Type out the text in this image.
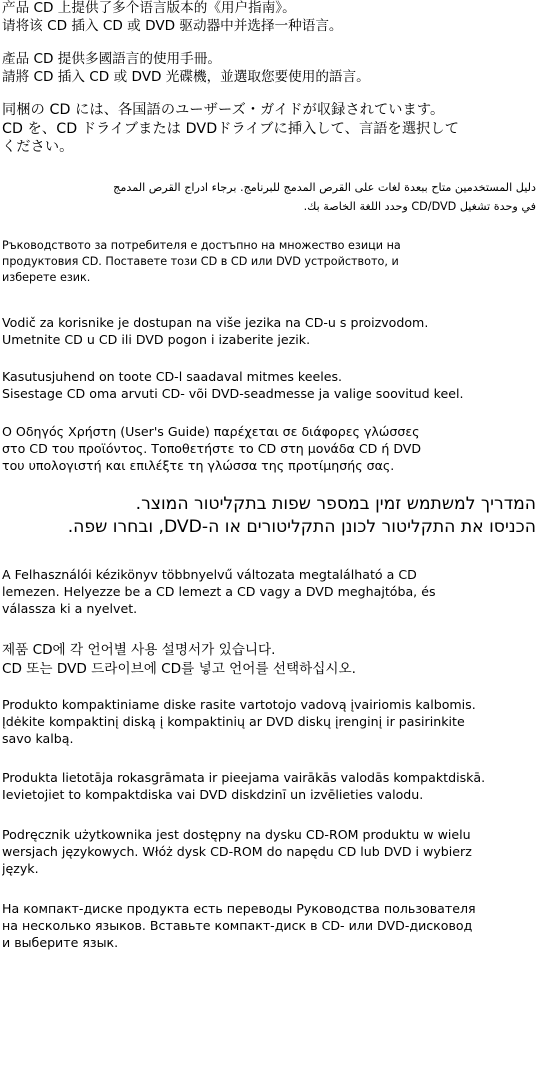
产品 CD 上提供了多个语言版本的《用户指南》。
请将该 CD 插入 CD 或 DVD 驱动器中并选择一种语言。
產品 CD 提供多國語言的使用手冊。
請將 CD 插入 CD 或 DVD 光碟機，並選取您要使用的語言。
同梱の CD には、各国語のユーザーズ・ガイドが収録されています。
CD を、CD ドライブまたは DVDドライブに挿入して、言語を選択して
ください。
دليل المستخدمين متاح ببعدة لغات على القرص المدمج للبرنامج. برجاء ادراج القرص المدمج
في وحدة تشغيل CD/DVD وحدد اللغة الخاصة بك.
Ръководството за потребителя е достъпно на множество езици на
продуктовия CD. Поставете този CD в CD или DVD устройството, и
изберете език.
Vodič za korisnike je dostupan na više jezika na CD-u s proizvodom.
Umetnite CD u CD ili DVD pogon i izaberite jezik.
Kasutusjuhend on toote CD-l saadaval mitmes keeles.
Sisestage CD oma arvuti CD- või DVD-seadmesse ja valige soovitud keel.
Ο Οδηγός Χρήστη (User's Guide) παρέχεται σε διάφορες γλώσσες
στο CD του προϊόντος. Τοποθετήστε το CD στη μονάδα CD ή DVD
του υπολογιστή και επιλέξτε τη γλώσσα της προτίμησής σας.
המדריך למשתמש זמין במספר שפות בתקליטור המוצר.
הכניסו את התקליטור לכונן התקליטורים או ה-DVD, ובחרו שפה.
A Felhasználói kézikönyv többnyelvű változata megtalálható a CD
lemezen. Helyezze be a CD lemezt a CD vagy a DVD meghajtóba, és
válassza ki a nyelvet.
제품 CD에 각 언어별 사용 설명서가 있습니다.
CD 또는 DVD 드라이브에 CD를 넣고 언어를 선택하십시오.
Produkto kompaktiniame diske rasite vartotojo vadovą įvairiomis kalbomis.
Įdėkite kompaktinį diską į kompaktinių ar DVD diskų įrenginį ir pasirinkite
savo kalbą.
Produkta lietotāja rokasgrāmata ir pieejama vairākās valodās kompaktdiskā.
Ievietojiet to kompaktdiska vai DVD diskdzinī un izvēlieties valodu.
Podręcznik użytkownika jest dostępny na dysku CD-ROM produktu w wielu
wersjach językowych. Włóż dysk CD-ROM do napędu CD lub DVD i wybierz
język.
На компакт-диске продукта есть переводы Руководства пользователя
на несколько языков. Вставьте компакт-диск в CD- или DVD-дисковод
и выберите язык.
